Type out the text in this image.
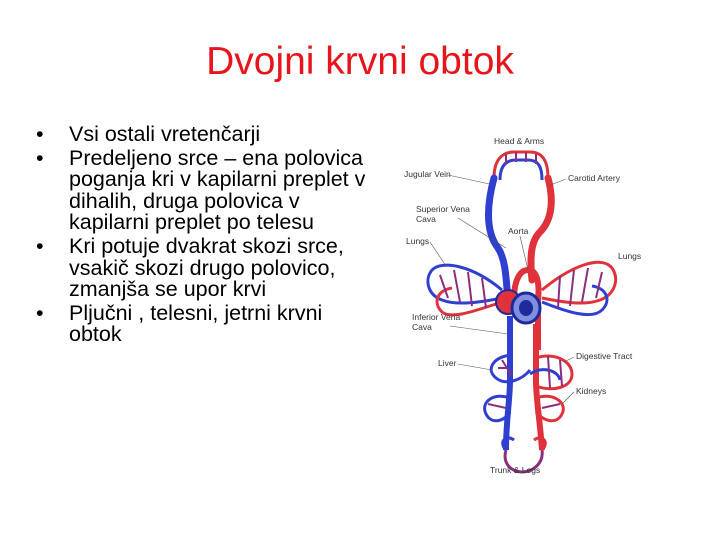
Dvojni krvni obtok
• Vsi ostali vretenčarji
• Predeljeno srce – ena polovica poganja kri v kapilarni preplet v dihalih, druga polovica v kapilarni preplet po telesu
• Kri potuje dvakrat skozi srce, vsakič skozi drugo polovico, zmanjša se upor krvi
• Pljučni , telesni, jetrni krvni obtok
Head & Arms
Jugular Vein	Carotid Artery
Superior Vena
Cava
Aorta
Lungs
Lungs
Inferior Vena
Cava
Liver
Digestive Tract
Kidneys
Trunk & Legs
